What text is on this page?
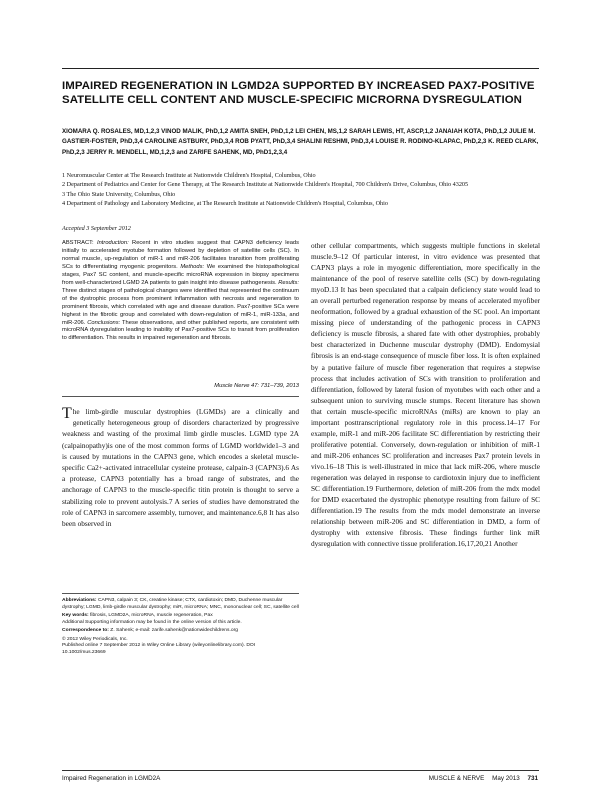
IMPAIRED REGENERATION IN LGMD2A SUPPORTED BY INCREASED PAX7-POSITIVE SATELLITE CELL CONTENT AND MUSCLE-SPECIFIC MICRORNA DYSREGULATION
XIOMARA Q. ROSALES, MD,1,2,3 VINOD MALIK, PhD,1,2 AMITA SNEH, PhD,1,2 LEI CHEN, MS,1,2 SARAH LEWIS, HT, ASCP,1,2 JANAIAH KOTA, PhD,1,2 JULIE M. GASTIER-FOSTER, PhD,3,4 CAROLINE ASTBURY, PhD,3,4 ROB PYATT, PhD,3,4 SHALINI RESHMI, PhD,3,4 LOUISE R. RODINO-KLAPAC, PhD,2,3 K. REED CLARK, PhD,2,3 JERRY R. MENDELL, MD,1,2,3 and ZARIFE SAHENK, MD, PhD1,2,3,4
1 Neuromuscular Center at The Research Institute at Nationwide Children's Hospital, Columbus, Ohio
2 Department of Pediatrics and Center for Gene Therapy, at The Research Institute at Nationwide Children's Hospital, 700 Children's Drive, Columbus, Ohio 43205
3 The Ohio State University, Columbus, Ohio
4 Department of Pathology and Laboratory Medicine, at The Research Institute at Nationwide Children's Hospital, Columbus, Ohio
Accepted 3 September 2012
ABSTRACT: Introduction: Recent in vitro studies suggest that CAPN3 deficiency leads initially to accelerated myotube formation followed by depletion of satellite cells (SC). In normal muscle, up-regulation of miR-1 and miR-206 facilitates transition from proliferating SCs to differentiating myogenic progenitors. Methods: We examined the histopathological stages, Pax7 SC content, and muscle-specific microRNA expression in biopsy specimens from well-characterized LGMD 2A patients to gain insight into disease pathogenesis. Results: Three distinct stages of pathological changes were identified that represented the continuum of the dystrophic process from prominent inflammation with necrosis and regeneration to prominent fibrosis, which correlated with age and disease duration. Pax7-positive SCs were highest in the fibrotic group and correlated with down-regulation of miR-1, miR-133a, and miR-206. Conclusions: These observations, and other published reports, are consistent with microRNA dysregulation leading to inability of Pax7-positive SCs to transit from proliferation to differentiation. This results in impaired regeneration and fibrosis.
Muscle Nerve 47: 731–739, 2013
T he limb-girdle muscular dystrophies (LGMDs) are a clinically and genetically heterogeneous group of disorders characterized by progressive weakness and wasting of the proximal limb girdle muscles. LGMD type 2A (calpainopathy)is one of the most common forms of LGMD worldwide1–3 and is caused by mutations in the CAPN3 gene, which encodes a skeletal muscle-specific Ca2+-activated intracellular cysteine protease, calpain-3 (CAPN3).6 As a protease, CAPN3 potentially has a broad range of substrates, and the anchorage of CAPN3 to the muscle-specific titin protein is thought to serve a stabilizing role to prevent autolysis.7 A series of studies have demonstrated the role of CAPN3 in sarcomere assembly, turnover, and maintenance.6,8 It has also been observed in

Abbreviations: CAPN3, calpain 3; CK, creatine kinase; CTX, cardiotoxin; DMD, Duchenne muscular dystrophy; LGMD, limb-girdle muscular dystrophy; miR, microRNA; MNC, mononuclear cell; SC, satellite cell

Key words: fibrosis, LGMD2A, microRNA, muscle regeneration, Pax
Additional Supporting information may be found in the online version of this article.

Correspondence to: Z. Sahenk; e-mail: zarife.sahenk@nationwidechildrens.org

© 2012 Wiley Periodicals, Inc.
Published online 7 September 2012 in Wiley Online Library (wileyonlinelibrary.com). DOI 10.1002/mus.23669

other cellular compartments, which suggests multiple functions in skeletal muscle.9–12 Of particular interest, in vitro evidence was presented that CAPN3 plays a role in myogenic differentiation, more specifically in the maintenance of the pool of reserve satellite cells (SC) by down-regulating myoD.13 It has been speculated that a calpain deficiency state would lead to an overall perturbed regeneration response by means of accelerated myofiber neoformation, followed by a gradual exhaustion of the SC pool. An important missing piece of understanding of the pathogenic process in CAPN3 deficiency is muscle fibrosis, a shared fate with other dystrophies, probably best characterized in Duchenne muscular dystrophy (DMD). Endomysial fibrosis is an end-stage consequence of muscle fiber loss. It is often explained by a putative failure of muscle fiber regeneration that requires a stepwise process that includes activation of SCs with transition to proliferation and differentiation, followed by lateral fusion of myotubes with each other and a subsequent union to surviving muscle stumps. Recent literature has shown that certain muscle-specific microRNAs (miRs) are known to play an important posttranscriptional regulatory role in this process.14–17 For example, miR-1 and miR-206 facilitate SC differentiation by restricting their proliferative potential. Conversely, down-regulation or inhibition of miR-1 and miR-206 enhances SC proliferation and increases Pax7 protein levels in vivo.16–18 This is well-illustrated in mice that lack miR-206, where muscle regeneration was delayed in response to cardiotoxin injury due to inefficient SC differentiation.19 Furthermore, deletion of miR-206 from the mdx model for DMD exacerbated the dystrophic phenotype resulting from failure of SC differentiation.19 The results from the mdx model demonstrate an inverse relationship between miR-206 and SC differentiation in DMD, a form of dystrophy with extensive fibrosis. These findings further link miR dysregulation with connective tissue proliferation.16,17,20,21 Another
Impaired Regeneration in LGMD2A	MUSCLE & NERVE May 2013 731
